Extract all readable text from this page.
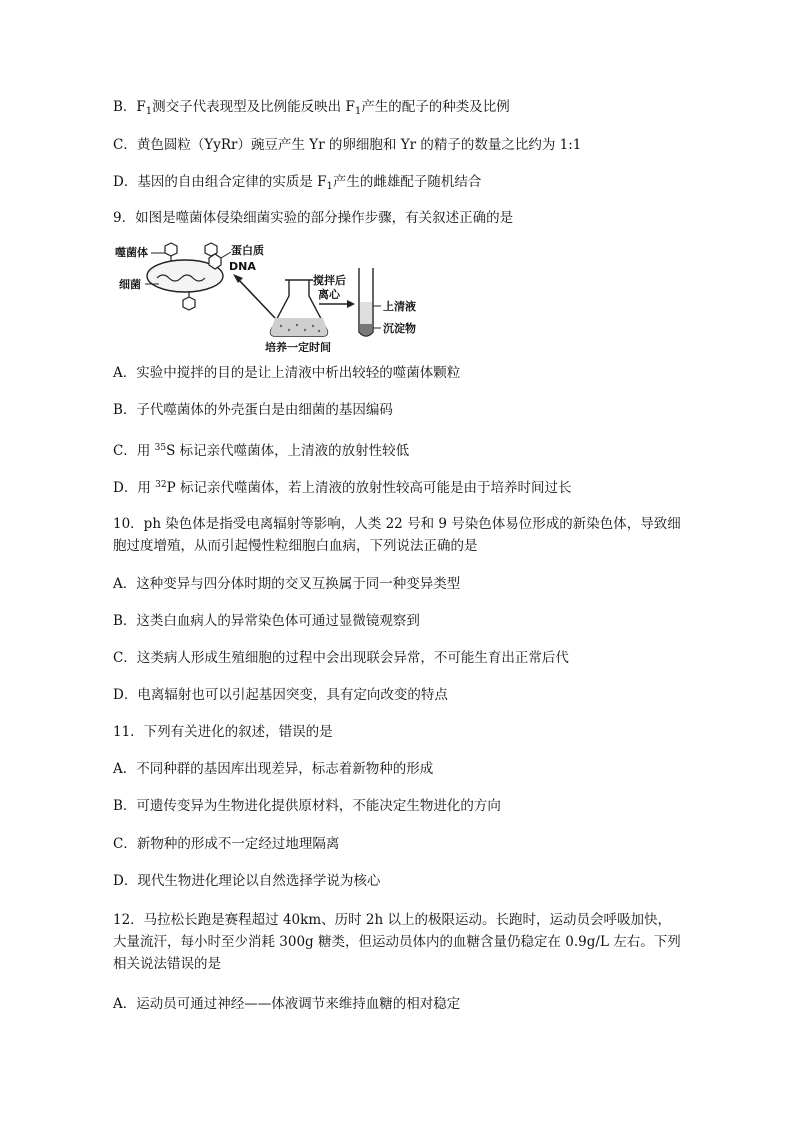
B．$F_1$测交子代表现型及比例能反映出 $F_1$产生的配子的种类及比例
C．黄色圆粒（YyRr）豌豆产生 Yr 的卵细胞和 Yr 的精子的数量之比约为 1:1
D．基因的自由组合定律的实质是 $F_1$产生的雌雄配子随机结合
9．如图是噬菌体侵染细菌实验的部分操作步骤，有关叙述正确的是
噬菌体
细菌
蛋白质
DNA
培养一定时间
搅拌后
离心
上清液
沉淀物
A．实验中搅拌的目的是让上清液中析出较轻的噬菌体颗粒
B．子代噬菌体的外壳蛋白是由细菌的基因编码
C．用 $^{35}$S 标记亲代噬菌体，上清液的放射性较低
D．用 $^{32}$P 标记亲代噬菌体，若上清液的放射性较高可能是由于培养时间过长
10．ph 染色体是指受电离辐射等影响，人类 22 号和 9 号染色体易位形成的新染色体，导致细胞过度增殖，从而引起慢性粒细胞白血病，下列说法正确的是
A．这种变异与四分体时期的交叉互换属于同一种变异类型
B．这类白血病人的异常染色体可通过显微镜观察到
C．这类病人形成生殖细胞的过程中会出现联会异常，不可能生育出正常后代
D．电离辐射也可以引起基因突变，具有定向改变的特点
11．下列有关进化的叙述，错误的是
A．不同种群的基因库出现差异，标志着新物种的形成
B．可遗传变异为生物进化提供原材料，不能决定生物进化的方向
C．新物种的形成不一定经过地理隔离
D．现代生物进化理论以自然选择学说为核心
12．马拉松长跑是赛程超过 40km、历时 2h 以上的极限运动。长跑时，运动员会呼吸加快，大量流汗，每小时至少消耗 300g 糖类，但运动员体内的血糖含量仍稳定在 0.9g/L 左右。下列相关说法错误的是
A．运动员可通过神经——体液调节来维持血糖的相对稳定
